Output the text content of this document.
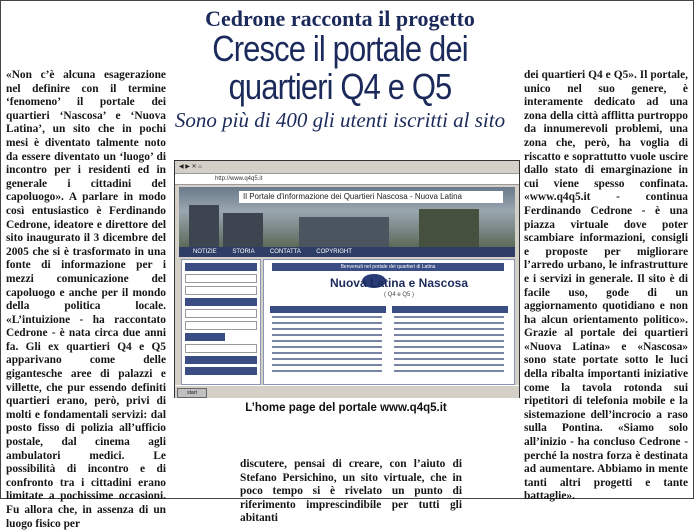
Cedrone racconta il progetto
Cresce il portale dei quartieri Q4 e Q5
Sono più di 400 gli utenti iscritti al sito

«Non c’è alcuna esagerazione nel definire con il termine ‘fenomeno’ il portale dei quartieri ‘Nascosa’ e ‘Nuova Latina’, un sito che in pochi mesi è diventato talmente noto da essere diventato un ‘luogo’ di incontro per i residenti ed in generale i cittadini del capoluogo». A parlare in modo così entusiastico è Ferdinando Cedrone, ideatore e direttore del sito inaugurato il 3 dicembre del 2005 che si è trasformato in una fonte di informazione per i mezzi comunicazione del capoluogo e anche per il mondo della politica locale. «L’intuizione - ha raccontato Cedrone - è nata circa due anni fa. Gli ex quartieri Q4 e Q5 apparivano come delle gigantesche aree di palazzi e villette, che pur essendo definiti quartieri erano, però, privi di molti e fondamentali servizi: dal posto fisso di polizia all’ufficio postale, dal cinema agli ambulatori medici. Le possibilità di incontro e di confronto tra i cittadini erano limitate a pochissime occasioni. Fu allora che, in assenza di un luogo fisico per

◀ ▶ ✕ ⌂
http://www.q4q5.it
Il Portale d'informazione dei Quartieri Nascosa - Nuova Latina
NOTIZIE	STORIA	CONTATTA	COPYRIGHT
Benvenuti nel portale dei quartieri di Latina
Nuova Latina e Nascosa
( Q4 e Q5 )
start
L’home page del portale www.q4q5.it

discutere, pensai di creare, con l’aiuto di Stefano Persichino, un sito virtuale, che in poco tempo si è rivelato un punto di riferimento imprescindibile per tutti gli abitanti

dei quartieri Q4 e Q5». Il portale, unico nel suo genere, è interamente dedicato ad una zona della città afflitta purtroppo da innumerevoli problemi, una zona che, però, ha voglia di riscatto e soprattutto vuole uscire dallo stato di emarginazione in cui viene spesso confinata. «www.q4q5.it - continua Ferdinando Cedrone - è una piazza virtuale dove poter scambiare informazioni, consigli e proposte per migliorare l’arredo urbano, le infrastrutture e i servizi in generale. Il sito è di facile uso, gode di un aggiornamento quotidiano e non ha alcun orientamento politico». Grazie al portale dei quartieri «Nuova Latina» e «Nascosa» sono state portate sotto le luci della ribalta importanti iniziative come la tavola rotonda sui ripetitori di telefonia mobile e la sistemazione dell’incrocio a raso sulla Pontina. «Siamo solo all’inizio - ha concluso Cedrone - perché la nostra forza è destinata ad aumentare. Abbiamo in mente tanti altri progetti e tante battaglie».
